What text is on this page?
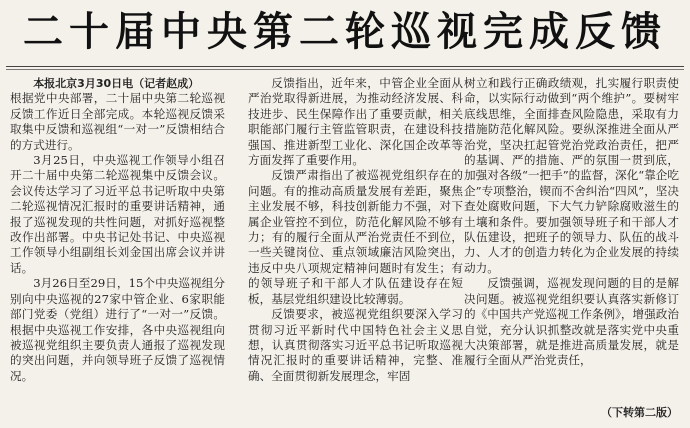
二十届中央第二轮巡视完成反馈

本报北京3月30日电（记者赵成）

根据党中央部署，二十届中央第二轮巡视反馈工作近日全部完成。本轮巡视反馈采取集中反馈和巡视组“一对一”反馈相结合的方式进行。

3月25日，中央巡视工作领导小组召开二十届中央第二轮巡视集中反馈会议。会议传达学习了习近平总书记听取中央第二轮巡视情况汇报时的重要讲话精神，通报了巡视发现的共性问题，对抓好巡视整改作出部署。中央书记处书记、中央巡视工作领导小组副组长刘金国出席会议并讲话。

3月26日至29日，15个中央巡视组分别向中央巡视的27家中管企业、6家职能部门党委（党组）进行了“一对一”反馈。根据中央巡视工作安排，各中央巡视组向被巡视党组织主要负责人通报了巡视发现的突出问题，并向领导班子反馈了巡视情况。

反馈指出，近年来，中管企业全面从严治党取得新进展，为推动经济发展、科技进步、民生保障作出了重要贡献，相关职能部门履行主管监管职责，在建设科技强国、推进新型工业化、深化国企改革等方面发挥了重要作用。

反馈严肃指出了被巡视党组织存在的问题。有的推动高质量发展有差距，聚焦主业发展不够，科技创新能力不强，对下属企业管控不到位，防范化解风险不够有力；有的履行全面从严治党责任不到位，一些关键岗位、重点领域廉洁风险突出，违反中央八项规定精神问题时有发生；有的领导班子和干部人才队伍建设存在短板，基层党组织建设比较薄弱。

反馈要求，被巡视党组织要深入学习贯彻习近平新时代中国特色社会主义思想，认真贯彻落实习近平总书记听取巡视情况汇报时的重要讲话精神，完整、准确、全面贯彻新发展理念，牢固

树立和践行正确政绩观，扎实履行职责使命，以实际行动做到“两个维护”。要树牢底线思维，全面排查风险隐患，采取有力措施防范化解风险。要纵深推进全面从严治党，坚决扛起管党治党政治责任，把严的基调、严的措施、严的氛围一贯到底，加强对各级“一把手”的监督，深化“靠企吃企”专项整治，锲而不舍纠治“四风”，坚决查处腐败问题，下大气力铲除腐败滋生的土壤和条件。要加强领导班子和干部人才队伍建设，把班子的领导力、队伍的战斗力、人才的创造力转化为企业发展的持续动力。

反馈强调，巡视发现问题的目的是解决问题。被巡视党组织要认真落实新修订的《中国共产党巡视工作条例》，增强政治自觉，充分认识抓整改就是落实党中央重大决策部署，就是推进高质量发展，就是履行全面从严治党责任，

（下转第二版）
